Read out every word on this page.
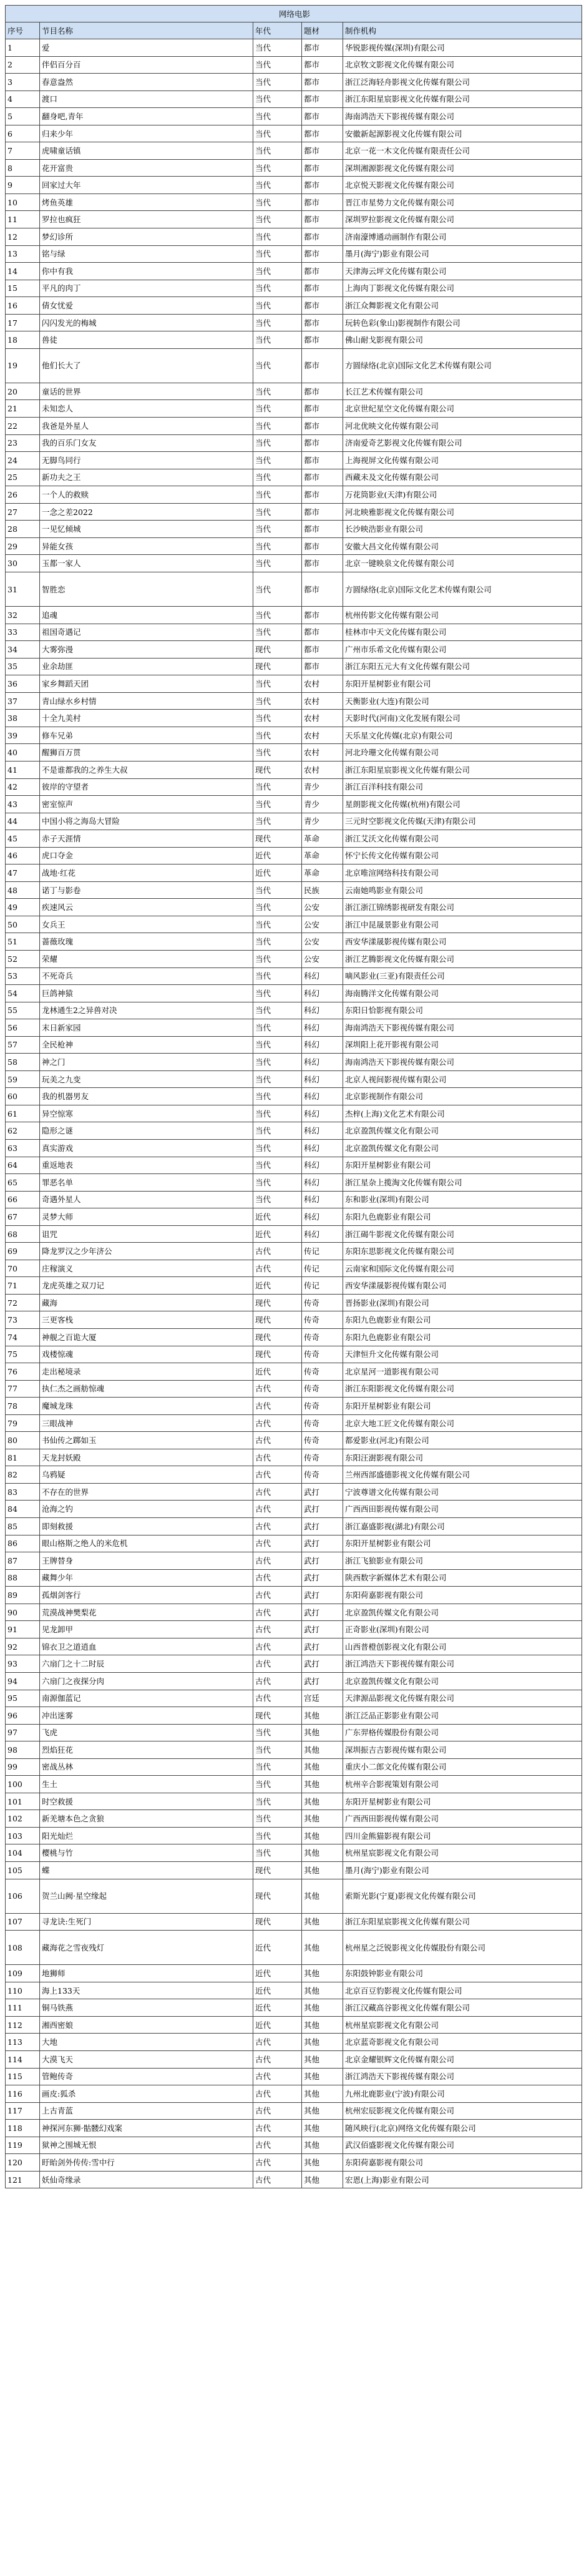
网络电影				
序号	节目名称	年代	题材	制作机构
1	爱	当代	都市	华锐影视传媒(深圳)有限公司
2	伴侣百分百	当代	都市	北京牧文影视文化传媒有限公司
3	春意盎然	当代	都市	浙江泛海轻舟影视文化传媒有限公司
4	渡口	当代	都市	浙江东阳星宸影视文化传媒有限公司
5	翻身吧,青年	当代	都市	海南鸿浩天下影视传媒有限公司
6	归来少年	当代	都市	安徽新起源影视文化传媒有限公司
7	虎啸童话镇	当代	都市	北京一花一木文化传媒有限责任公司
8	花开富贵	当代	都市	深圳湘源影视文化传媒有限公司
9	回家过大年	当代	都市	北京悦天影视文化传媒有限公司
10	烤鱼英雄	当代	都市	晋江市星势力文化传媒有限公司
11	罗拉也疯狂	当代	都市	深圳罗拉影视文化传媒有限公司
12	梦幻诊所	当代	都市	济南濠博通动画制作有限公司
13	铭与绿	当代	都市	墨月(海宁)影业有限公司
14	你中有我	当代	都市	天津海云坪文化传媒有限公司
15	平凡的肉丁	当代	都市	上海肉丁影视文化传媒有限公司
16	倩女忧爱	当代	都市	浙江众舞影视文化有限公司
17	闪闪发光的梅城	当代	都市	玩转色彩(象山)影视制作有限公司
18	兽徒	当代	都市	佛山耐戈影视有限公司
19	他们长大了	当代	都市	方圆绿络(北京)国际文化艺术传媒有限公司
20	童话的世界	当代	都市	长江艺术传媒有限公司
21	未知恋人	当代	都市	北京世纪星空文化传媒有限公司
22	我爸是外星人	当代	都市	河北优映文化传媒有限公司
23	我的百乐门女友	当代	都市	济南爱奇艺影视文化传媒有限公司
24	无脚鸟同行	当代	都市	上海视屏文化传媒有限公司
25	新功夫之王	当代	都市	西藏未及文化传媒有限公司
26	一个人的救赎	当代	都市	万花筒影业(天津)有限公司
27	一念之差2022	当代	都市	河北映雅影视文化传媒有限公司
28	一见忆倾城	当代	都市	长沙映浩影业有限公司
29	异能女孩	当代	都市	安徽大昌文化传媒有限公司
30	玉都一家人	当代	都市	北京一键映泉文化传媒有限公司
31	智胜恋	当代	都市	方圆绿络(北京)国际文化艺术传媒有限公司
32	追魂	当代	都市	杭州传影文化传媒有限公司
33	祖国奇遇记	当代	都市	桂林市中天文化传媒有限公司
34	大雾弥漫	现代	都市	广州市乐希文化传媒有限公司
35	业余劫匪	现代	都市	浙江东阳五元大有文化传媒有限公司
36	家乡舞蹈天团	当代	农村	东阳开星树影业有限公司
37	青山绿水乡村情	当代	农村	天衡影业(大连)有限公司
38	十全九美村	当代	农村	天影时代(河南)文化发展有限公司
39	修车兄弟	当代	农村	天乐星文化传媒(北京)有限公司
40	醒狮百万贯	当代	农村	河北玲珊文化传媒有限公司
41	不是谁都我的之养生大叔	现代	农村	浙江东阳星宸影视文化传媒有限公司
42	彼岸的守望者	当代	青少	浙江百洋科技有限公司
43	密室惊声	当代	青少	星朗影视文化传媒(杭州)有限公司
44	中国小将之海岛大冒险	当代	青少	三元时空影视文化传媒(天津)有限公司
45	赤子天涯情	现代	革命	浙江艾沃文化传媒有限公司
46	虎口夺金	近代	革命	怀宁长传文化传媒有限公司
47	战地·红花	近代	革命	北京唯渲网络科技有限公司
48	诺丁与影卷	当代	民族	云南她鸣影业有限公司
49	疾速风云	当代	公安	浙江浙江锦绣影视研发有限公司
50	女兵王	当代	公安	浙江中昆晟景影业有限公司
51	蔷薇玫瑰	当代	公安	西安华漾晟影视传媒有限公司
52	荣耀	当代	公安	浙江艺腾影视文化传媒有限公司
53	不死奇兵	当代	科幻	嘀风影业(三亚)有限责任公司
54	巨鸽神猿	当代	科幻	海南腾洋文化传媒有限公司
55	龙林通生2之异兽对决	当代	科幻	东阳日恰影视有限公司
56	末日新家园	当代	科幻	海南鸿浩天下影视传媒有限公司
57	全民枪神	当代	科幻	深圳阳上花开影视有限公司
58	神之门	当代	科幻	海南鸿浩天下影视传媒有限公司
59	玩美之九变	当代	科幻	北京人视间影视传媒有限公司
60	我的机器男友	当代	科幻	北京影视制作有限公司
61	异空惊寒	当代	科幻	杰梓(上海)文化艺术有限公司
62	隐形之谜	当代	科幻	北京盈凯传媒文化有限公司
63	真实游戏	当代	科幻	北京盈凯传媒文化有限公司
64	重返地表	当代	科幻	东阳开星树影业有限公司
65	罪恶名单	当代	科幻	浙江星杂上揽淘文化传媒有限公司
66	奇遇外星人	当代	科幻	东和影业(深圳)有限公司
67	灵梦大师	近代	科幻	东阳九色鹿影业有限公司
68	诅咒	近代	科幻	浙江碣牛影视文化传媒有限公司
69	降龙罗汉之少年济公	古代	传记	东阳东思影视文化传媒有限公司
70	庄稼演义	古代	传记	云南家和国际文化传媒有限公司
71	龙虎英雄之双刀记	近代	传记	西安华漾晟影视传媒有限公司
72	藏海	现代	传奇	晋扬影业(深圳)有限公司
73	三更客栈	现代	传奇	东阳九色鹿影业有限公司
74	神舰之百诡大厦	现代	传奇	东阳九色鹿影业有限公司
75	戏楼惊魂	现代	传奇	天津恒升文化传媒有限公司
76	走出秘境录	近代	传奇	北京星河一道影视有限公司
77	执仁杰之画舫惊魂	古代	传奇	浙江东阳影视文化传媒有限公司
78	魔城龙珠	古代	传奇	东阳开星树影业有限公司
79	三眼战神	古代	传奇	北京大地工匠文化传媒有限公司
80	书仙传之踯如玉	古代	传奇	都爱影业(河北)有限公司
81	天龙封妖殿	古代	传奇	东阳汪澍影视有限公司
82	乌鸦疑	古代	传奇	兰州西部盛德影视文化传媒有限公司
83	不存在的世界	古代	武打	宁波尊谱文化传媒有限公司
84	沧海之钓	古代	武打	广西西田影视传媒有限公司
85	即刻救援	古代	武打	浙江嘉盛影视(湖北)有限公司
86	眼山格斯之绝人的米危机	古代	武打	东阳开星树影业有限公司
87	王牌替身	古代	武打	浙江飞狼影业有限公司
88	藏舞少年	古代	武打	陕西数字新媒体艺术有限公司
89	孤烟剑客行	古代	武打	东阳荷嘉影视有限公司
90	荒漠战神樊梨花	古代	武打	北京盈凯传媒文化有限公司
91	见龙卸甲	古代	武打	正奇影业(深圳)有限公司
92	锦衣卫之道逍血	古代	武打	山西普橙创影视文化有限公司
93	六扇门之十二时辰	古代	武打	浙江鸿浩天下影视传媒有限公司
94	六扇门之夜探分肉	古代	武打	北京盈凯传媒文化有限公司
95	南源伽蓝记	古代	宫廷	天津源品影视文化传媒有限公司
96	冲出迷雾	现代	其他	浙江泛品正影影业有限公司
97	飞虎	当代	其他	广东羿格传媒股份有限公司
98	烈焰狂花	当代	其他	深圳振吉吉影视传媒有限公司
99	密战丛林	当代	其他	重庆小二郎文化传媒有限公司
100	生土	当代	其他	杭州辛合影视策划有限公司
101	时空救援	当代	其他	东阳开星树影业有限公司
102	新羌塘本色之贪狼	当代	其他	广西西田影视传媒有限公司
103	阳光灿烂	当代	其他	四川金熊猫影视有限公司
104	樱桃与竹	当代	其他	杭州星宸影视文化有限公司
105	蝶	现代	其他	墨月(海宁)影业有限公司
106	贺兰山阙·星空缘起	现代	其他	索斯光影(宁夏)影视文化传媒有限公司
107	寻龙诀:生死门	现代	其他	浙江东阳星宸影视文化传媒有限公司
108	藏海花之雪夜残灯	近代	其他	杭州星之泛锐影视文化传媒股份有限公司
109	地狮师	近代	其他	东阳鼓钟影业有限公司
110	海上133天	近代	其他	北京百豆豹影视文化传媒有限公司
111	铜马铁燕	近代	其他	浙江汉藏高谷影视文化传媒有限公司
112	湘西密娘	近代	其他	杭州星宸影视文化有限公司
113	大地	古代	其他	北京蓝奇影视文化有限公司
114	大漠飞天	古代	其他	北京金耀银辉文化传媒有限公司
115	管鲍传奇	古代	其他	浙江鸿浩天下影视传媒有限公司
116	画皮:狐杀	古代	其他	九州北鹿影业(宁波)有限公司
117	上古青蓝	古代	其他	杭州宏辰影视文化传媒有限公司
118	神探河东狮·骷髅幻戏案	古代	其他	随风映行(北京)网络文化传媒有限公司
119	狱神之围城无恨	古代	其他	武汉佰盛影视文化传媒有限公司
120	盱眙剑外传传:雪中行	古代	其他	东阳荷嘉影视有限公司
121	妖仙奇缘录	古代	其他	宏恩(上海)影业有限公司
